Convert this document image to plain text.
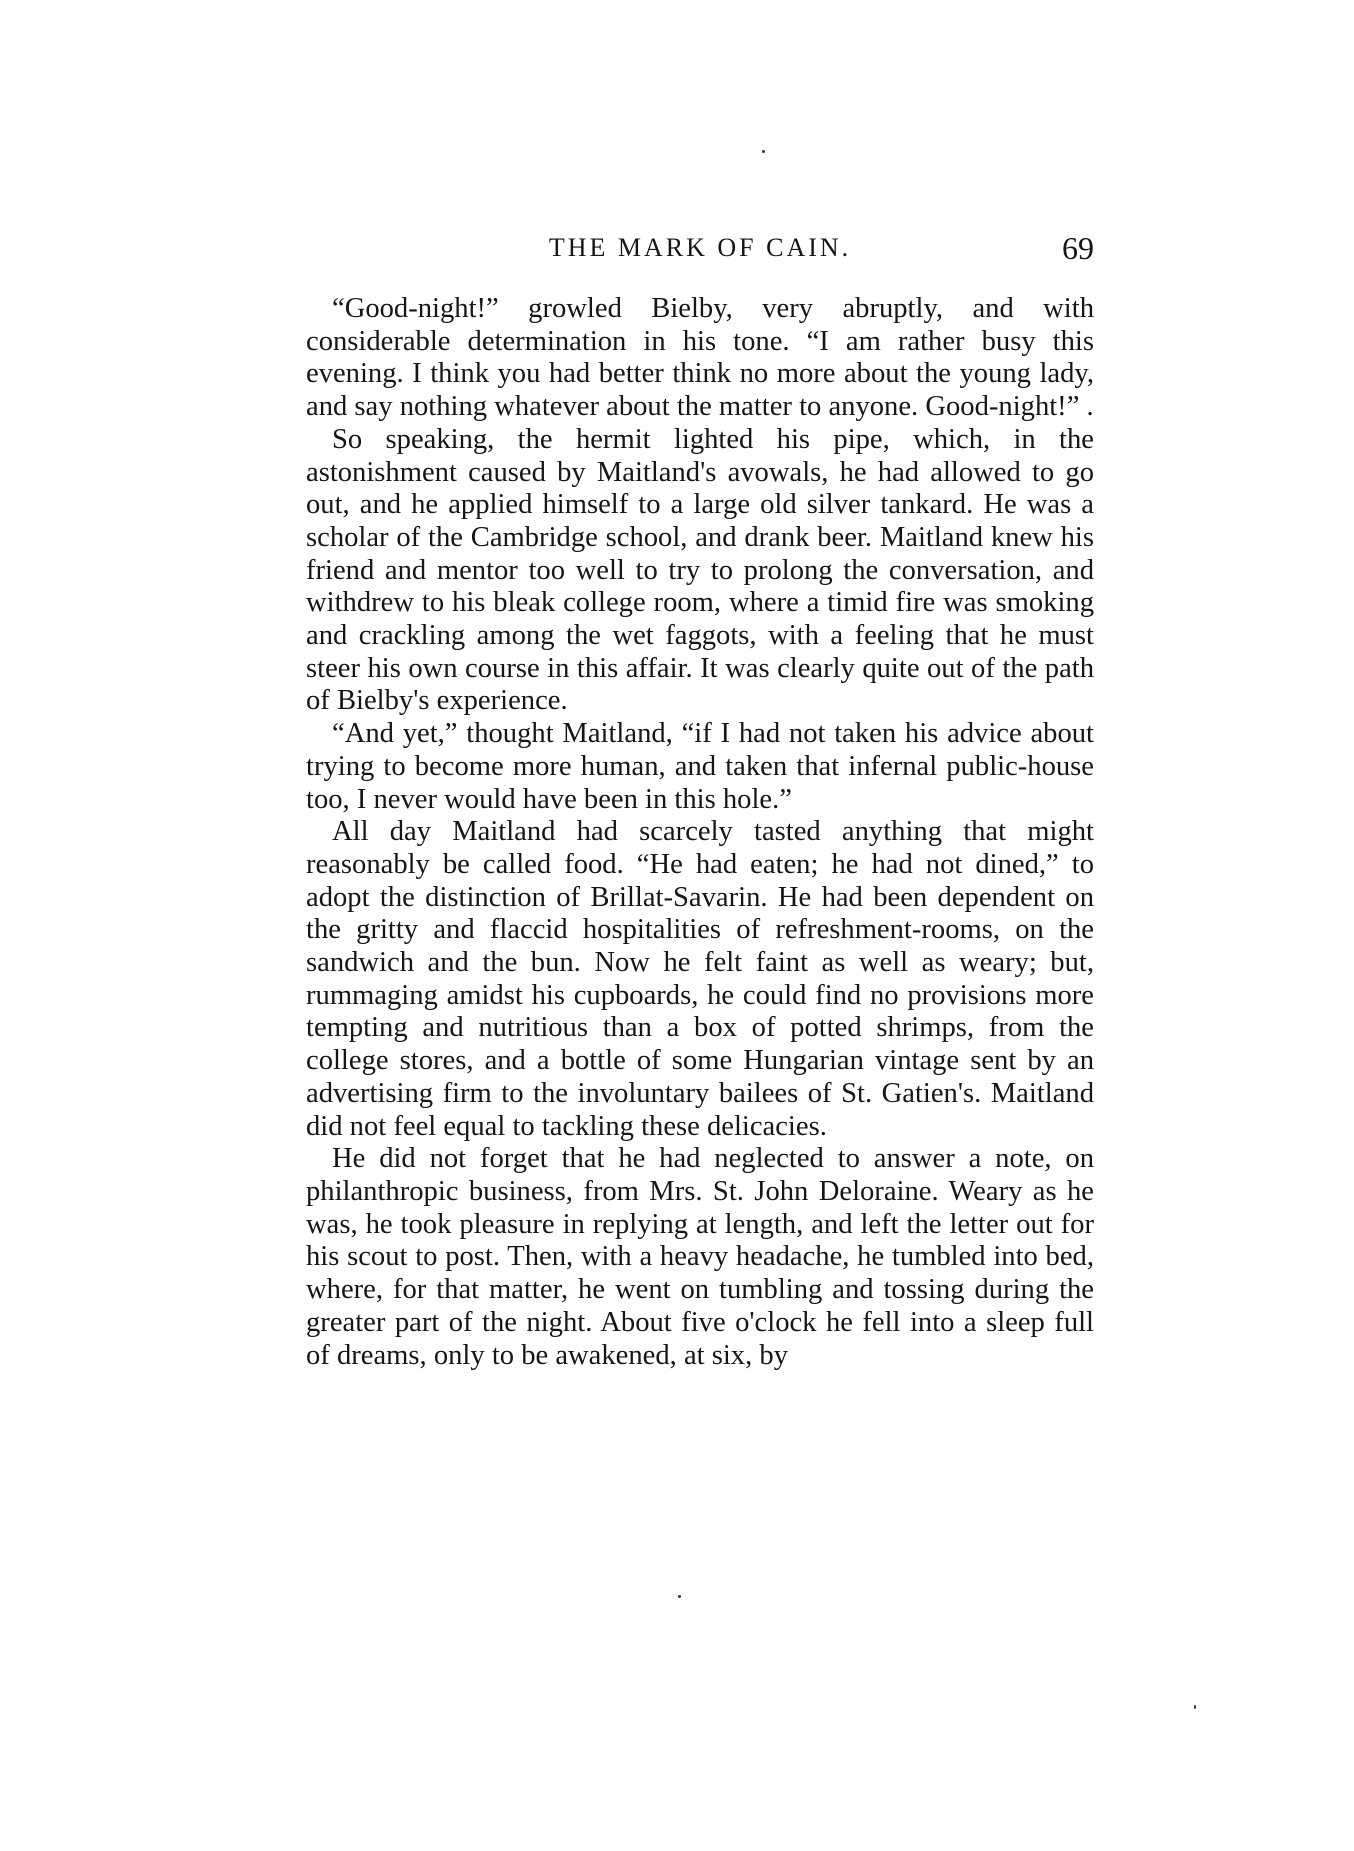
THE MARK OF CAIN.	69

“Good-night!” growled Bielby, very abruptly, and with considerable determination in his tone. “I am rather busy this evening. I think you had better think no more about the young lady, and say nothing whatever about the matter to anyone. Good-night!” .

So speaking, the hermit lighted his pipe, which, in the astonishment caused by Maitland's avowals, he had allowed to go out, and he applied himself to a large old silver tankard. He was a scholar of the Cambridge school, and drank beer. Maitland knew his friend and mentor too well to try to prolong the conversation, and withdrew to his bleak college room, where a timid fire was smoking and crackling among the wet faggots, with a feeling that he must steer his own course in this affair. It was clearly quite out of the path of Bielby's experience.

“And yet,” thought Maitland, “if I had not taken his advice about trying to become more human, and taken that infernal public-house too, I never would have been in this hole.”

All day Maitland had scarcely tasted anything that might reasonably be called food. “He had eaten; he had not dined,” to adopt the distinction of Brillat-Savarin. He had been dependent on the gritty and flaccid hospitalities of refreshment-rooms, on the sandwich and the bun. Now he felt faint as well as weary; but, rummaging amidst his cupboards, he could find no provisions more tempting and nutritious than a box of potted shrimps, from the college stores, and a bottle of some Hungarian vintage sent by an advertising firm to the involuntary bailees of St. Gatien's. Maitland did not feel equal to tackling these delicacies.

He did not forget that he had neglected to answer a note, on philanthropic business, from Mrs. St. John Deloraine. Weary as he was, he took pleasure in replying at length, and left the letter out for his scout to post. Then, with a heavy headache, he tumbled into bed, where, for that matter, he went on tumbling and tossing during the greater part of the night. About five o'clock he fell into a sleep full of dreams, only to be awakened, at six, by
